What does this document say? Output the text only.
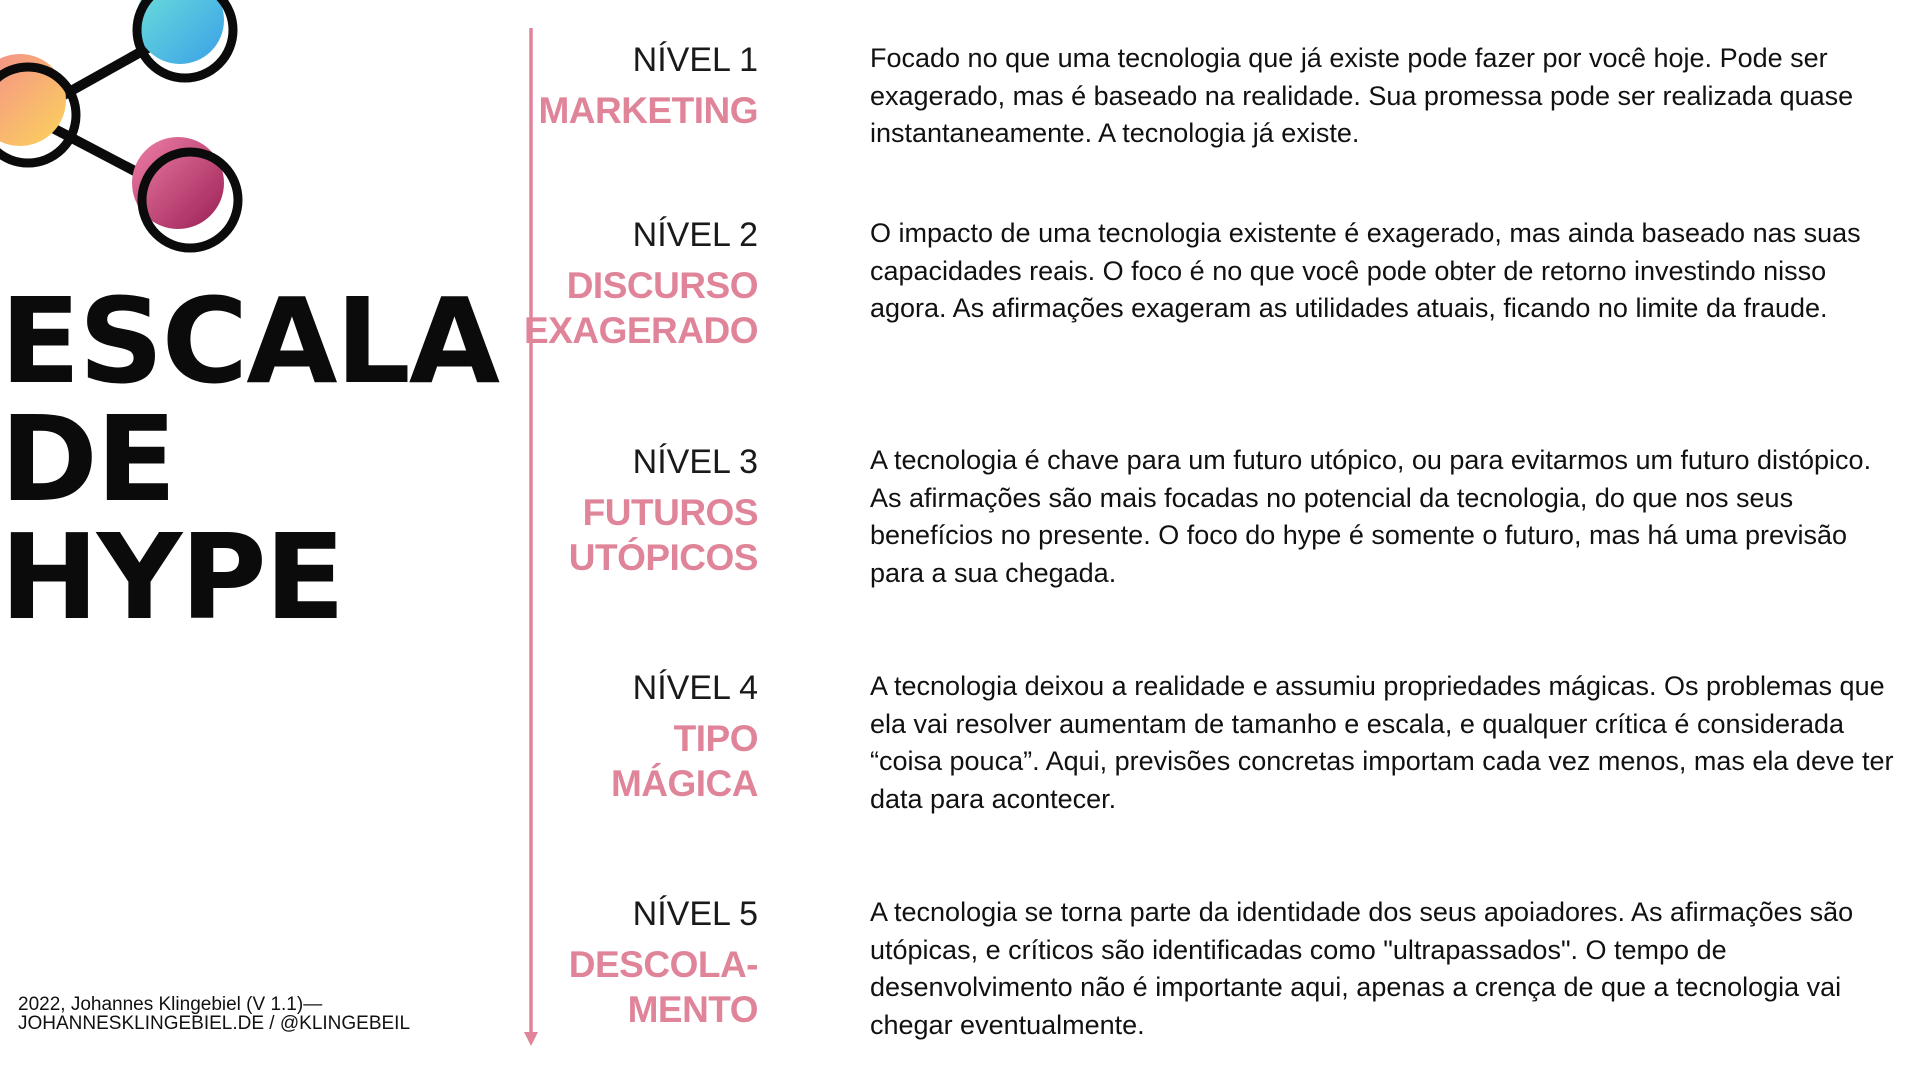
ESCALA
DE
HYPE
2022, Johannes Klingebiel (V 1.1)—
JOHANNESKLINGEBIEL.DE / @KLINGEBEIL
NÍVEL 1
MARKETING

Focado no que uma tecnologia que já existe pode fazer por você hoje. Pode ser exagerado, mas é baseado na realidade. Sua promessa pode ser realizada quase instantaneamente. A tecnologia já existe.

NÍVEL 2
DISCURSO
EXAGERADO

O impacto de uma tecnologia existente é exagerado, mas ainda baseado nas suas capacidades reais. O foco é no que você pode obter de retorno investindo nisso agora. As afirmações exageram as utilidades atuais, ficando no limite da fraude.

NÍVEL 3
FUTUROS
UTÓPICOS

A tecnologia é chave para um futuro utópico, ou para evitarmos um futuro distópico. As afirmações são mais focadas no potencial da tecnologia, do que nos seus benefícios no presente. O foco do hype é somente o futuro, mas há uma previsão para a sua chegada.

NÍVEL 4
TIPO
MÁGICA

A tecnologia deixou a realidade e assumiu propriedades mágicas. Os problemas que ela vai resolver aumentam de tamanho e escala, e qualquer crítica é considerada “coisa pouca”. Aqui, previsões concretas importam cada vez menos, mas ela deve ter data para acontecer.

NÍVEL 5
DESCOLA-
MENTO

A tecnologia se torna parte da identidade dos seus apoiadores. As afirmações são utópicas, e críticos são identificadas como "ultrapassados". O tempo de desenvolvimento não é importante aqui, apenas a crença de que a tecnologia vai chegar eventualmente.
